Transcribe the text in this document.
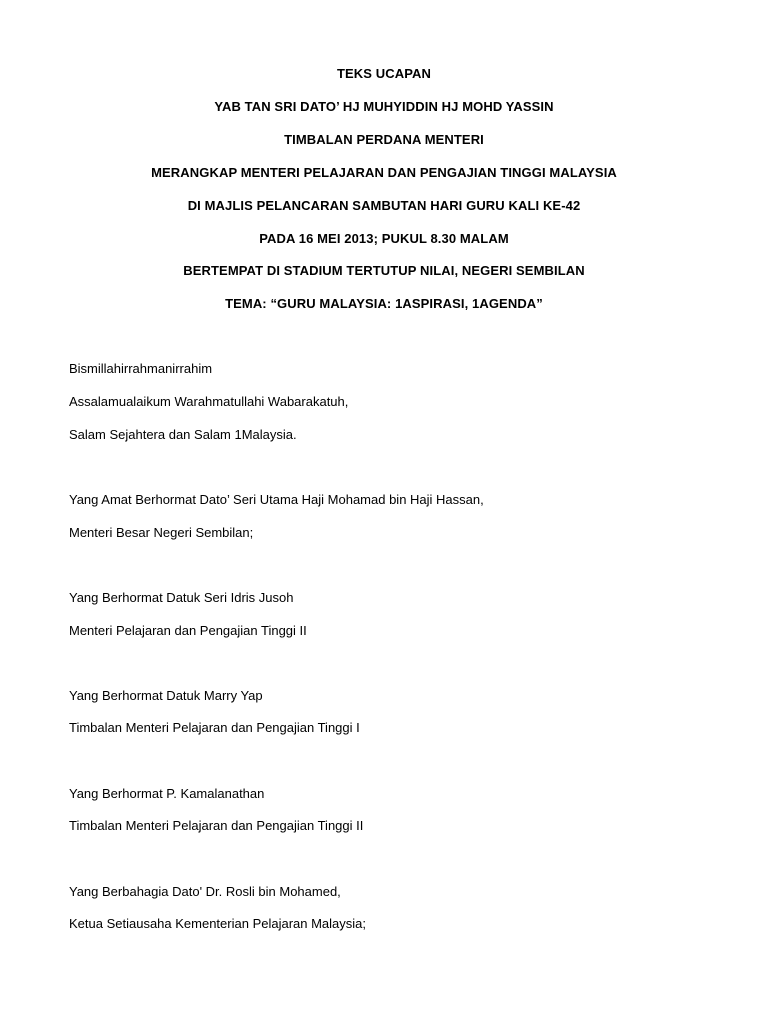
TEKS UCAPAN
YAB TAN SRI DATO’ HJ MUHYIDDIN HJ MOHD YASSIN
TIMBALAN PERDANA MENTERI
MERANGKAP MENTERI PELAJARAN DAN PENGAJIAN TINGGI MALAYSIA
DI MAJLIS PELANCARAN SAMBUTAN HARI GURU KALI KE-42
PADA 16 MEI 2013; PUKUL 8.30 MALAM
BERTEMPAT DI STADIUM TERTUTUP NILAI, NEGERI SEMBILAN
TEMA: “GURU MALAYSIA: 1ASPIRASI, 1AGENDA”
Bismillahirrahmanirrahim
Assalamualaikum Warahmatullahi Wabarakatuh,
Salam Sejahtera dan Salam 1Malaysia.
Yang Amat Berhormat Dato’ Seri Utama Haji Mohamad bin Haji Hassan,
Menteri Besar Negeri Sembilan;
Yang Berhormat Datuk Seri Idris Jusoh
Menteri Pelajaran dan Pengajian Tinggi II
Yang Berhormat Datuk Marry Yap
Timbalan Menteri Pelajaran dan Pengajian Tinggi I
Yang Berhormat P. Kamalanathan
Timbalan Menteri Pelajaran dan Pengajian Tinggi II
Yang Berbahagia Dato' Dr. Rosli bin Mohamed,
Ketua Setiausaha Kementerian Pelajaran Malaysia;
